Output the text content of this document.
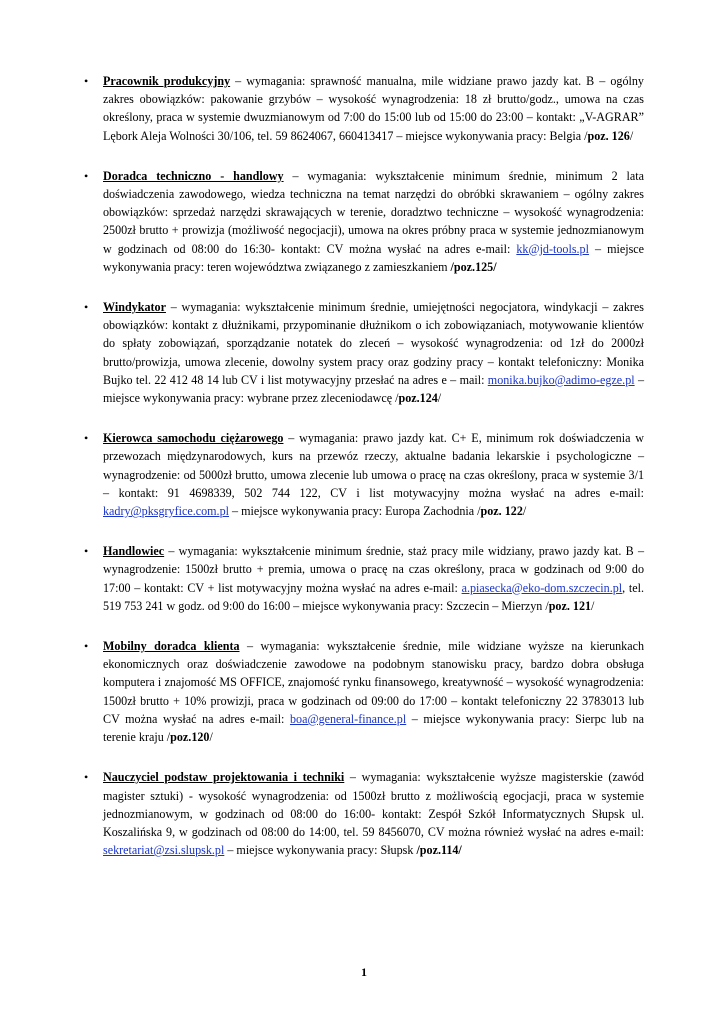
• Pracownik produkcyjny – wymagania: sprawność manualna, mile widziane prawo jazdy kat. B – ogólny zakres obowiązków: pakowanie grzybów – wysokość wynagrodzenia: 18 zł brutto/godz., umowa na czas określony, praca w systemie dwuzmianowym od 7:00 do 15:00 lub od 15:00 do 23:00 – kontakt: „V-AGRAR” Lębork Aleja Wolności 30/106, tel. 59 8624067, 660413417 – miejsce wykonywania pracy: Belgia /poz. 126/
• Doradca techniczno - handlowy – wymagania: wykształcenie minimum średnie, minimum 2 lata doświadczenia zawodowego, wiedza techniczna na temat narzędzi do obróbki skrawaniem – ogólny zakres obowiązków: sprzedaż narzędzi skrawających w terenie, doradztwo techniczne – wysokość wynagrodzenia: 2500zł brutto + prowizja (możliwość negocjacji), umowa na okres próbny praca w systemie jednozmianowym w godzinach od 08:00 do 16:30- kontakt: CV można wysłać na adres e-mail: kk@jd-tools.pl – miejsce wykonywania pracy: teren województwa związanego z zamieszkaniem /poz.125/
• Windykator – wymagania: wykształcenie minimum średnie, umiejętności negocjatora, windykacji – zakres obowiązków: kontakt z dłużnikami, przypominanie dłużnikom o ich zobowiązaniach, motywowanie klientów do spłaty zobowiązań, sporządzanie notatek do zleceń – wysokość wynagrodzenia: od 1zł do 2000zł brutto/prowizja, umowa zlecenie, dowolny system pracy oraz godziny pracy – kontakt telefoniczny: Monika Bujko tel. 22 412 48 14 lub CV i list motywacyjny przesłać na adres e – mail: monika.bujko@adimo-egze.pl – miejsce wykonywania pracy: wybrane przez zleceniodawcę /poz.124/
• Kierowca samochodu ciężarowego – wymagania: prawo jazdy kat. C+ E, minimum rok doświadczenia w przewozach międzynarodowych, kurs na przewóz rzeczy, aktualne badania lekarskie i psychologiczne – wynagrodzenie: od 5000zł brutto, umowa zlecenie lub umowa o pracę na czas określony, praca w systemie 3/1 – kontakt: 91 4698339, 502 744 122, CV i list motywacyjny można wysłać na adres e-mail: kadry@pksgryfice.com.pl – miejsce wykonywania pracy: Europa Zachodnia /poz. 122/
• Handlowiec – wymagania: wykształcenie minimum średnie, staż pracy mile widziany, prawo jazdy kat. B – wynagrodzenie: 1500zł brutto + premia, umowa o pracę na czas określony, praca w godzinach od 9:00 do 17:00 – kontakt: CV + list motywacyjny można wysłać na adres e-mail: a.piasecka@eko-dom.szczecin.pl, tel. 519 753 241 w godz. od 9:00 do 16:00 – miejsce wykonywania pracy: Szczecin – Mierzyn /poz. 121/
• Mobilny doradca klienta – wymagania: wykształcenie średnie, mile widziane wyższe na kierunkach ekonomicznych oraz doświadczenie zawodowe na podobnym stanowisku pracy, bardzo dobra obsługa komputera i znajomość MS OFFICE, znajomość rynku finansowego, kreatywność – wysokość wynagrodzenia: 1500zł brutto + 10% prowizji, praca w godzinach od 09:00 do 17:00 – kontakt telefoniczny 22 3783013 lub CV można wysłać na adres e-mail: boa@general-finance.pl – miejsce wykonywania pracy: Sierpc lub na terenie kraju /poz.120/
• Nauczyciel podstaw projektowania i techniki – wymagania: wykształcenie wyższe magisterskie (zawód magister sztuki) - wysokość wynagrodzenia: od 1500zł brutto z możliwością egocjacji, praca w systemie jednozmianowym, w godzinach od 08:00 do 16:00- kontakt: Zespół Szkół Informatycznych Słupsk ul. Koszalińska 9, w godzinach od 08:00 do 14:00, tel. 59 8456070, CV można również wysłać na adres e-mail: sekretariat@zsi.slupsk.pl – miejsce wykonywania pracy: Słupsk /poz.114/
1
